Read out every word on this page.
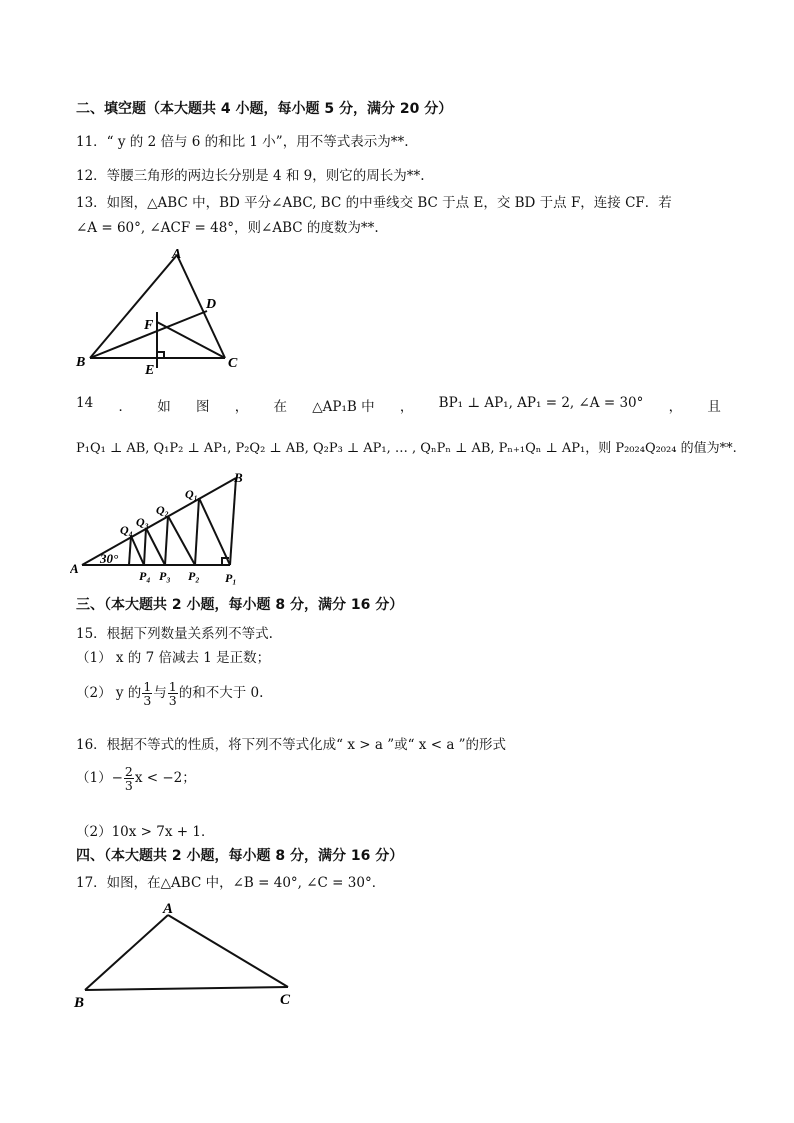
二、填空题（本大题共 4 小题，每小题 5 分，满分 20 分）
11．“ y 的 2 倍与 6 的和比 1 小”，用不等式表示为**.
12．等腰三角形的两边长分别是 4 和 9，则它的周长为**.
13．如图，△ABC 中，BD 平分∠ABC, BC 的中垂线交 BC 于点 E，交 BD 于点 F，连接 CF．若
∠A = 60°, ∠ACF = 48°，则∠ABC 的度数为**.
A
B	C
D
F
E
14 ． 如 图 ， 在 △AP₁B 中 ， BP₁ ⊥ AP₁, AP₁ = 2, ∠A = 30° ， 且
P₁Q₁ ⊥ AB, Q₁P₂ ⊥ AP₁, P₂Q₂ ⊥ AB, Q₂P₃ ⊥ AP₁, … , QₙPₙ ⊥ AB, Pₙ₊₁Qₙ ⊥ AP₁，则 P₂₀₂₄Q₂₀₂₄ 的值为**.
A
B
30°
Q₁
Q₂
Q₃
Q₄
P₁
P₂
P₃
P₄
三、（本大题共 2 小题，每小题 8 分，满分 16 分）
15．根据下列数量关系列不等式.
（1） x 的 7 倍减去 1 是正数；
（2） y 的 $\frac{1}{3}$ 与 $\frac{1}{3}$ 的和不大于 0.
16．根据不等式的性质，将下列不等式化成“ x > a ”或“ x < a ”的形式
$(1)- \frac{2}{3}$ x < −2；
（2）10x > 7x + 1．
四、（本大题共 2 小题，每小题 8 分，满分 16 分）
17．如图，在△ABC 中，∠B = 40°, ∠C = 30°．
A
B	C
